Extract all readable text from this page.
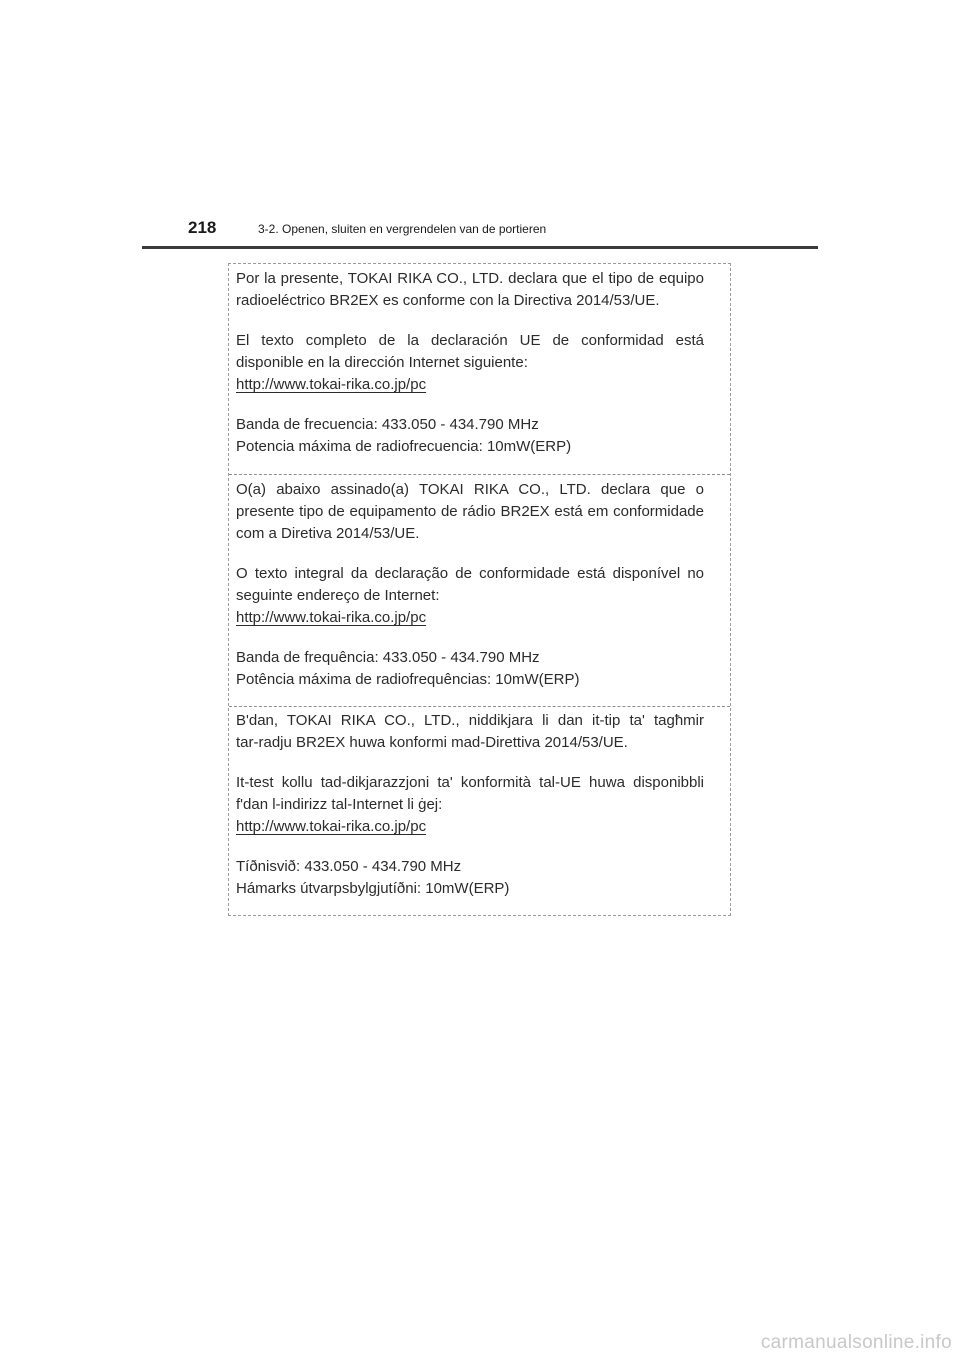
218	3-2. Openen, sluiten en vergrendelen van de portieren

Por la presente, TOKAI RIKA CO., LTD. declara que el tipo de equipo

radioeléctrico BR2EX es conforme con la Directiva 2014/53/UE.

El texto completo de la declaración UE de conformidad está

disponible en la dirección Internet siguiente:

http://www.tokai-rika.co.jp/pc
Banda de frecuencia: 433.050 - 434.790 MHz
Potencia máxima de radiofrecuencia: 10mW(ERP)

O(a) abaixo assinado(a) TOKAI RIKA CO., LTD. declara que o

presente tipo de equipamento de rádio BR2EX está em conformidade

com a Diretiva 2014/53/UE.

O texto integral da declaração de conformidade está disponível no

seguinte endereço de Internet:

http://www.tokai-rika.co.jp/pc
Banda de frequência: 433.050 - 434.790 MHz
Potência máxima de radiofrequências: 10mW(ERP)

B'dan, TOKAI RIKA CO., LTD., niddikjara li dan it-tip ta' tagħmir

tar-radju BR2EX huwa konformi mad-Direttiva 2014/53/UE.

It-test kollu tad-dikjarazzjoni ta' konformità tal-UE huwa disponibbli

f'dan l-indirizz tal-Internet li ġej:

http://www.tokai-rika.co.jp/pc
Tíðnisvið: 433.050 - 434.790 MHz
Hámarks útvarpsbylgjutíðni: 10mW(ERP)
carmanualsonline.info
